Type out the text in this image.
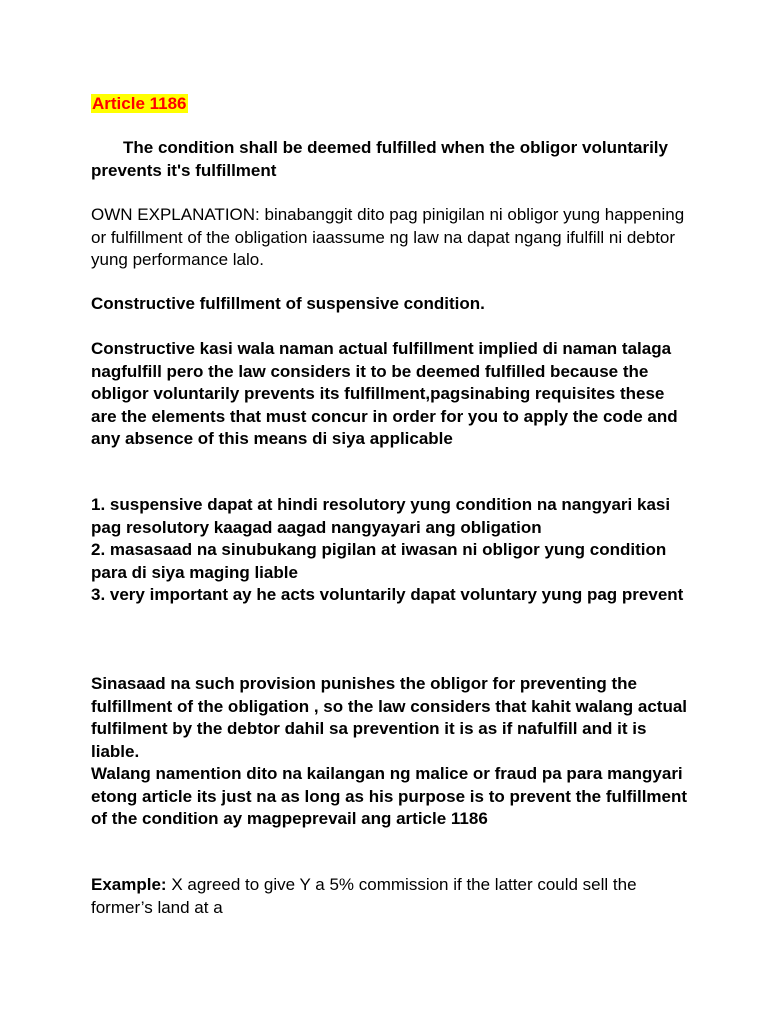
Article 1186

The condition shall be deemed fulfilled when the obligor voluntarily prevents it's fulfillment

OWN EXPLANATION: binabanggit dito pag pinigilan ni obligor yung happening or fulfillment of the obligation iaassume ng law na dapat ngang ifulfill ni debtor yung performance lalo.

Constructive fulfillment of suspensive condition.

Constructive kasi wala naman actual fulfillment implied di naman talaga nagfulfill pero the law considers it to be deemed fulfilled because the obligor voluntarily prevents its fulfillment,pagsinabing requisites these are the elements that must concur in order for you to apply the code and any absence of this means di siya applicable

1. suspensive dapat at hindi resolutory yung condition na nangyari kasi pag resolutory kaagad aagad nangyayari ang obligation

2. masasaad na sinubukang pigilan at iwasan ni obligor yung condition para di siya maging liable

3. very important ay he acts voluntarily dapat voluntary yung pag prevent

Sinasaad na such provision punishes the obligor for preventing the fulfillment of the obligation , so the law considers that kahit walang actual fulfilment by the debtor dahil sa prevention it is as if nafulfill and it is liable.

Walang namention dito na kailangan ng malice or fraud pa para mangyari etong article its just na as long as his purpose is to prevent the fulfillment of the condition ay magpeprevail ang article 1186

Example: X agreed to give Y a 5% commission if the latter could sell the former’s land at a
